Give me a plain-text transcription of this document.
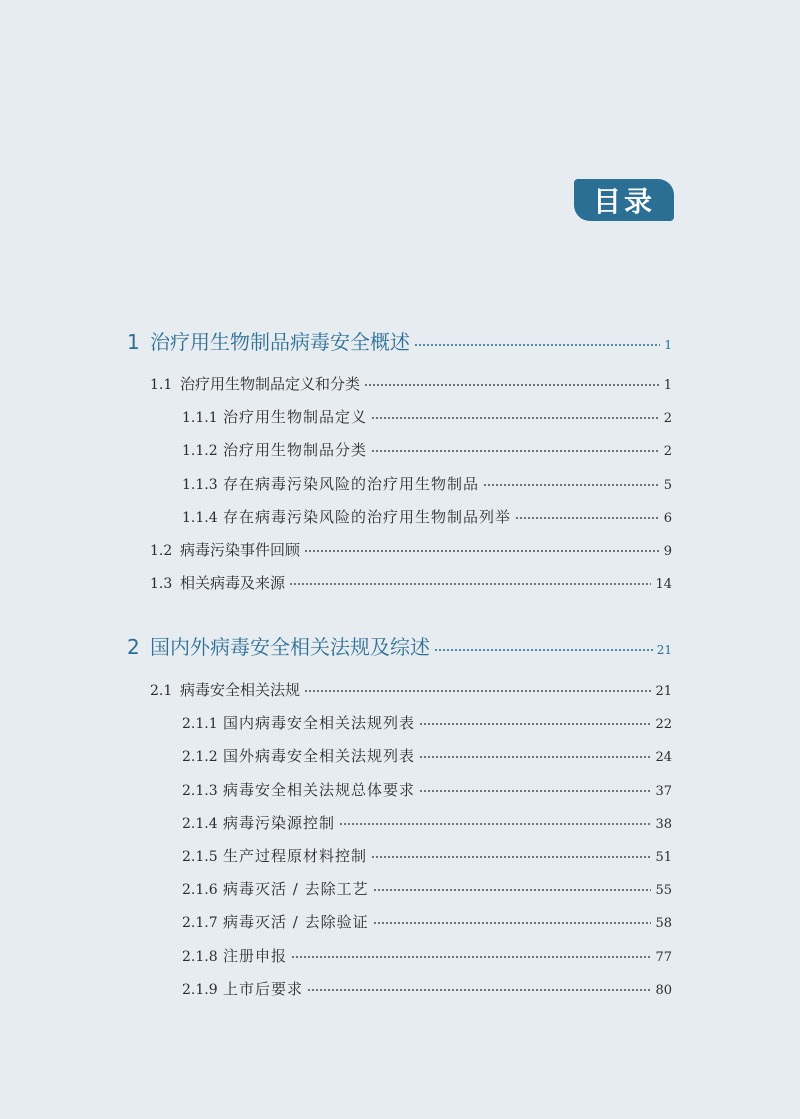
目录
1 治疗用生物制品病毒安全概述	1
1.1 治疗用生物制品定义和分类	1
1.1.1 治疗用生物制品定义	2
1.1.2 治疗用生物制品分类	2
1.1.3 存在病毒污染风险的治疗用生物制品	5
1.1.4 存在病毒污染风险的治疗用生物制品列举	6
1.2 病毒污染事件回顾	9
1.3 相关病毒及来源	14
2 国内外病毒安全相关法规及综述	21
2.1 病毒安全相关法规	21
2.1.1 国内病毒安全相关法规列表	22
2.1.2 国外病毒安全相关法规列表	24
2.1.3 病毒安全相关法规总体要求	37
2.1.4 病毒污染源控制	38
2.1.5 生产过程原材料控制	51
2.1.6 病毒灭活 / 去除工艺	55
2.1.7 病毒灭活 / 去除验证	58
2.1.8 注册申报	77
2.1.9 上市后要求	80
